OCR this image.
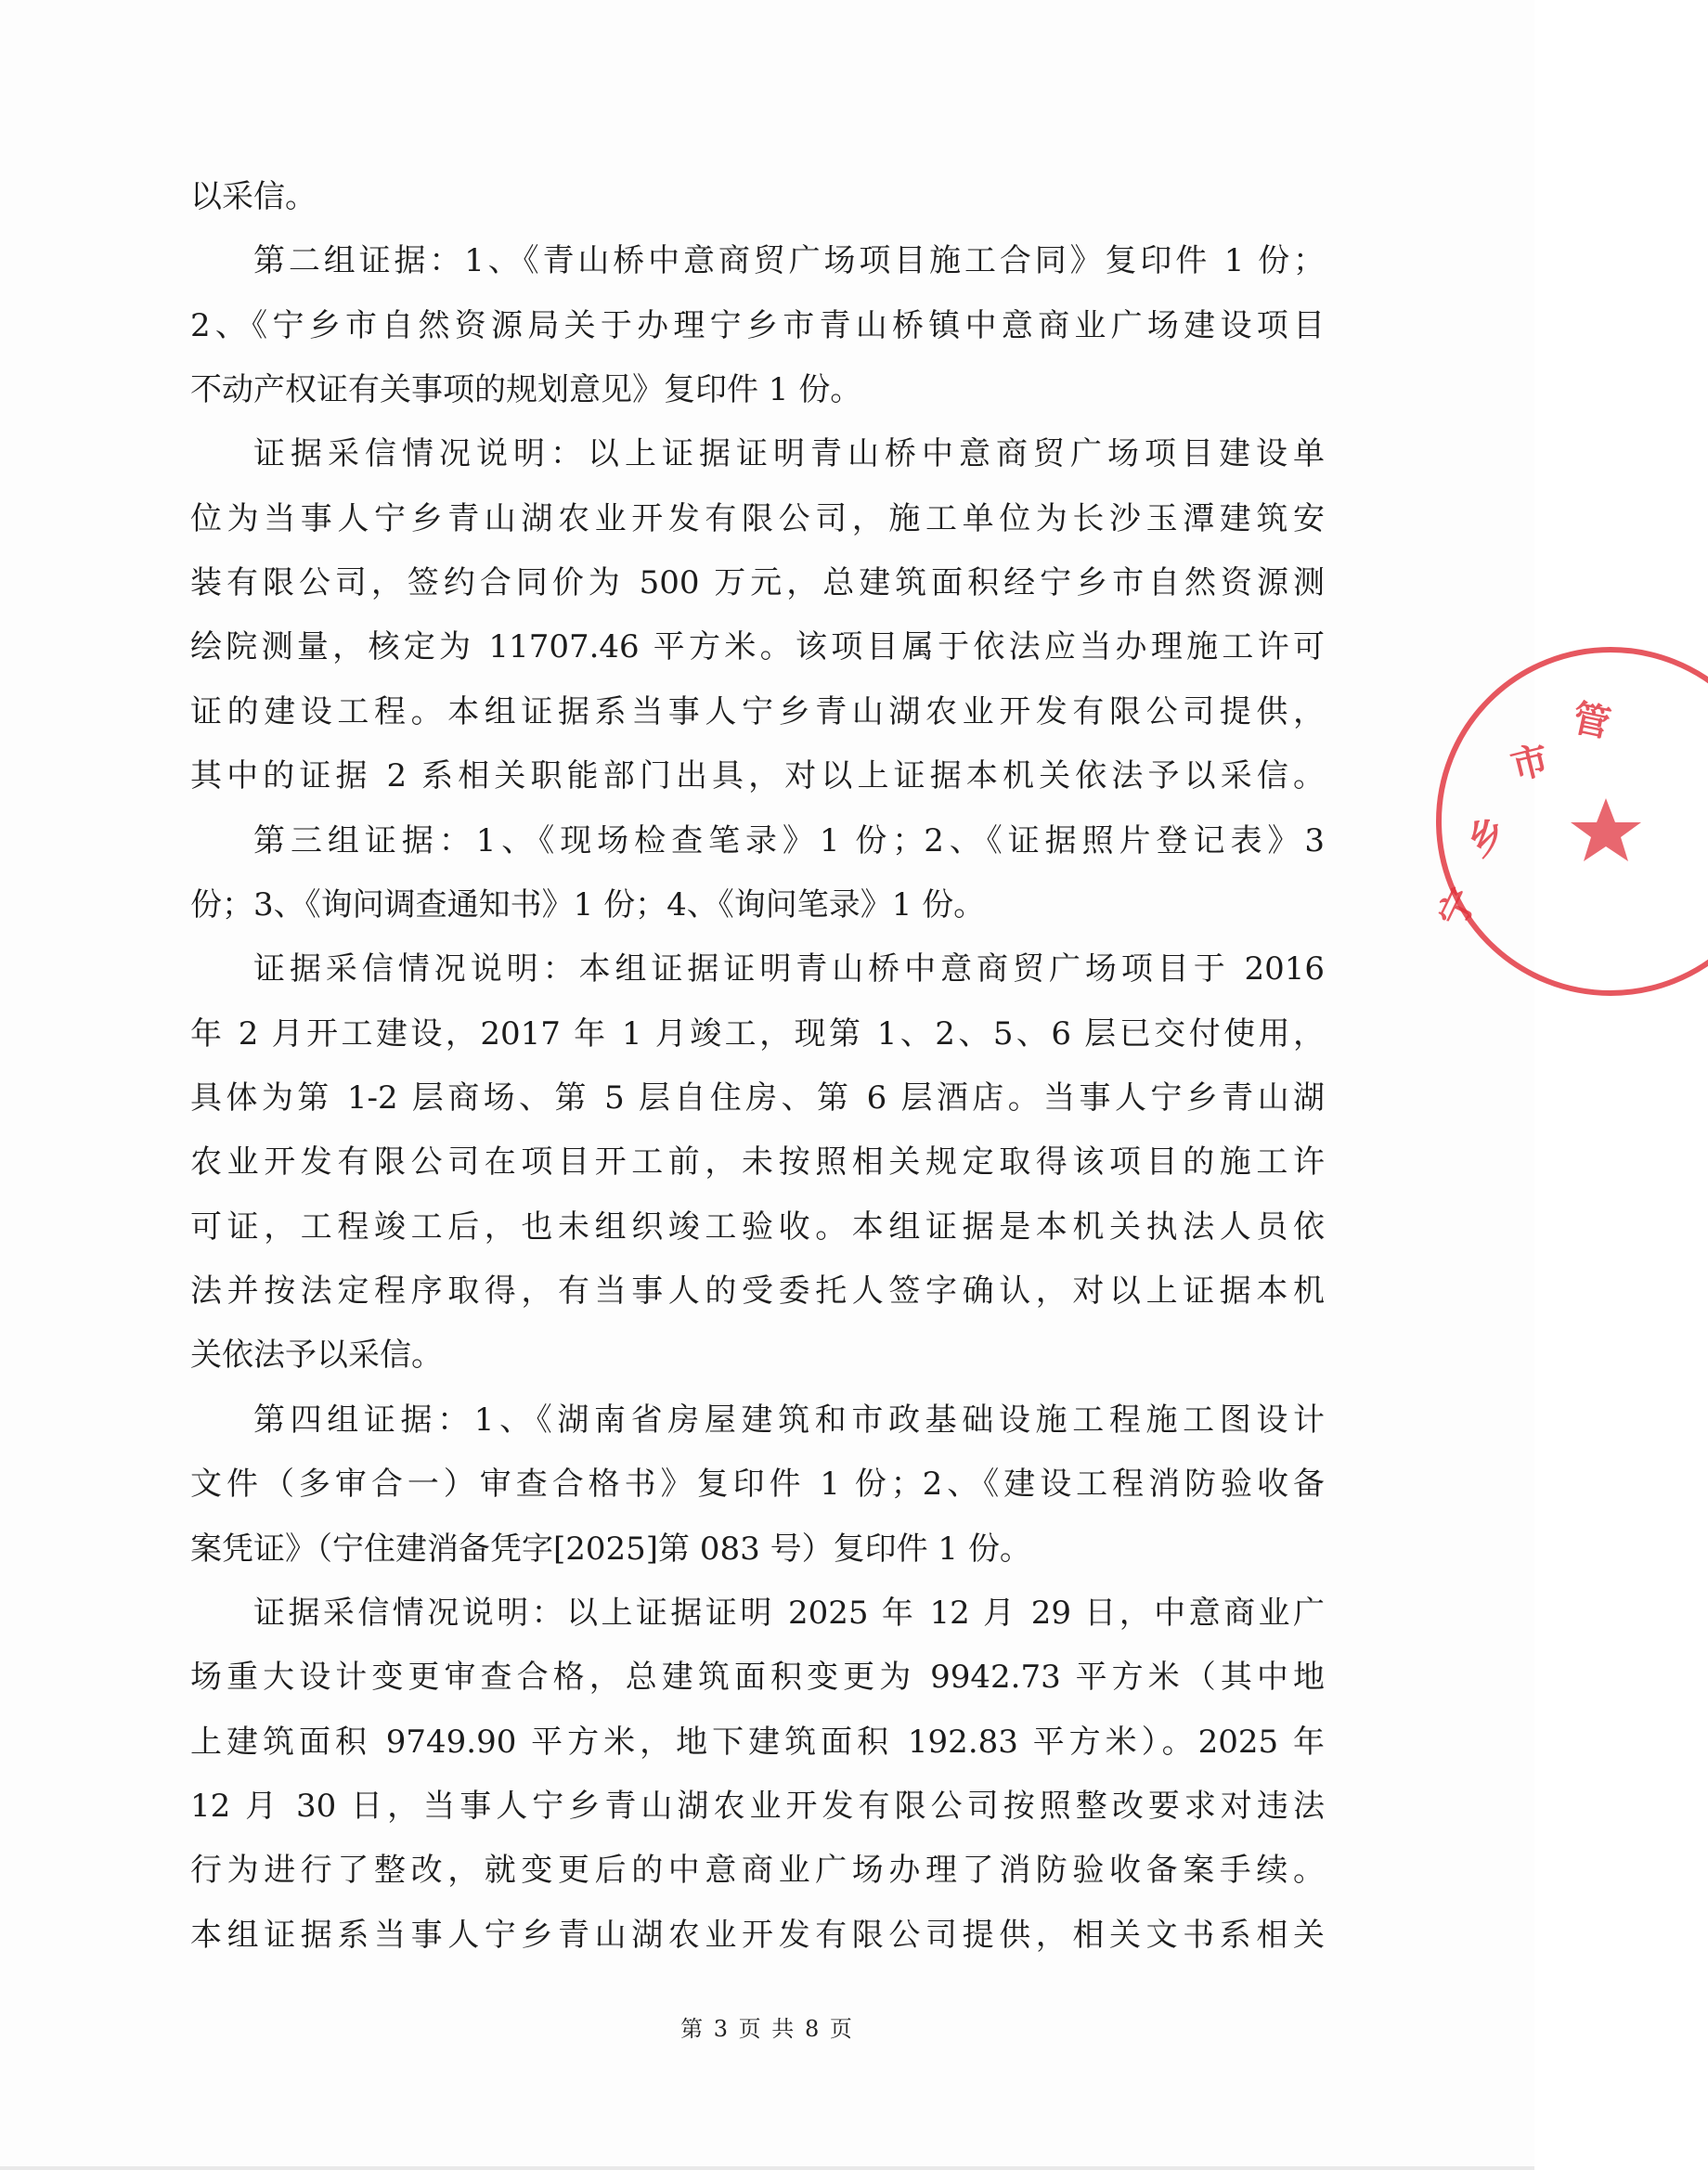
以采信。
第二组证据：1、《青山桥中意商贸广场项目施工合同》复印件 1 份；
2、《宁乡市自然资源局关于办理宁乡市青山桥镇中意商业广场建设项目
不动产权证有关事项的规划意见》复印件 1 份。
证据采信情况说明：以上证据证明青山桥中意商贸广场项目建设单
位为当事人宁乡青山湖农业开发有限公司，施工单位为长沙玉潭建筑安
装有限公司，签约合同价为 500 万元，总建筑面积经宁乡市自然资源测
绘院测量，核定为 11707.46 平方米。该项目属于依法应当办理施工许可
证的建设工程。本组证据系当事人宁乡青山湖农业开发有限公司提供，
其中的证据 2 系相关职能部门出具，对以上证据本机关依法予以采信。
第三组证据：1、《现场检查笔录》1 份；2、《证据照片登记表》3
份；3、《询问调查通知书》1 份；4、《询问笔录》1 份。
证据采信情况说明：本组证据证明青山桥中意商贸广场项目于 2016
年 2 月开工建设，2017 年 1 月竣工，现第 1、2、5、6 层已交付使用，
具体为第 1-2 层商场、第 5 层自住房、第 6 层酒店。当事人宁乡青山湖
农业开发有限公司在项目开工前，未按照相关规定取得该项目的施工许
可证，工程竣工后，也未组织竣工验收。本组证据是本机关执法人员依
法并按法定程序取得，有当事人的受委托人签字确认，对以上证据本机
关依法予以采信。
第四组证据：1、《湖南省房屋建筑和市政基础设施工程施工图设计
文件（多审合一）审查合格书》复印件 1 份；2、《建设工程消防验收备
案凭证》（宁住建消备凭字[2025]第 083 号）复印件 1 份。
证据采信情况说明：以上证据证明 2025 年 12 月 29 日，中意商业广
场重大设计变更审查合格，总建筑面积变更为 9942.73 平方米（其中地
上建筑面积 9749.90 平方米，地下建筑面积 192.83 平方米）。2025 年
12 月 30 日，当事人宁乡青山湖农业开发有限公司按照整改要求对违法
行为进行了整改，就变更后的中意商业广场办理了消防验收备案手续。
本组证据系当事人宁乡青山湖农业开发有限公司提供，相关文书系相关
第 3 页 共 8 页
宁
乡
市
管
